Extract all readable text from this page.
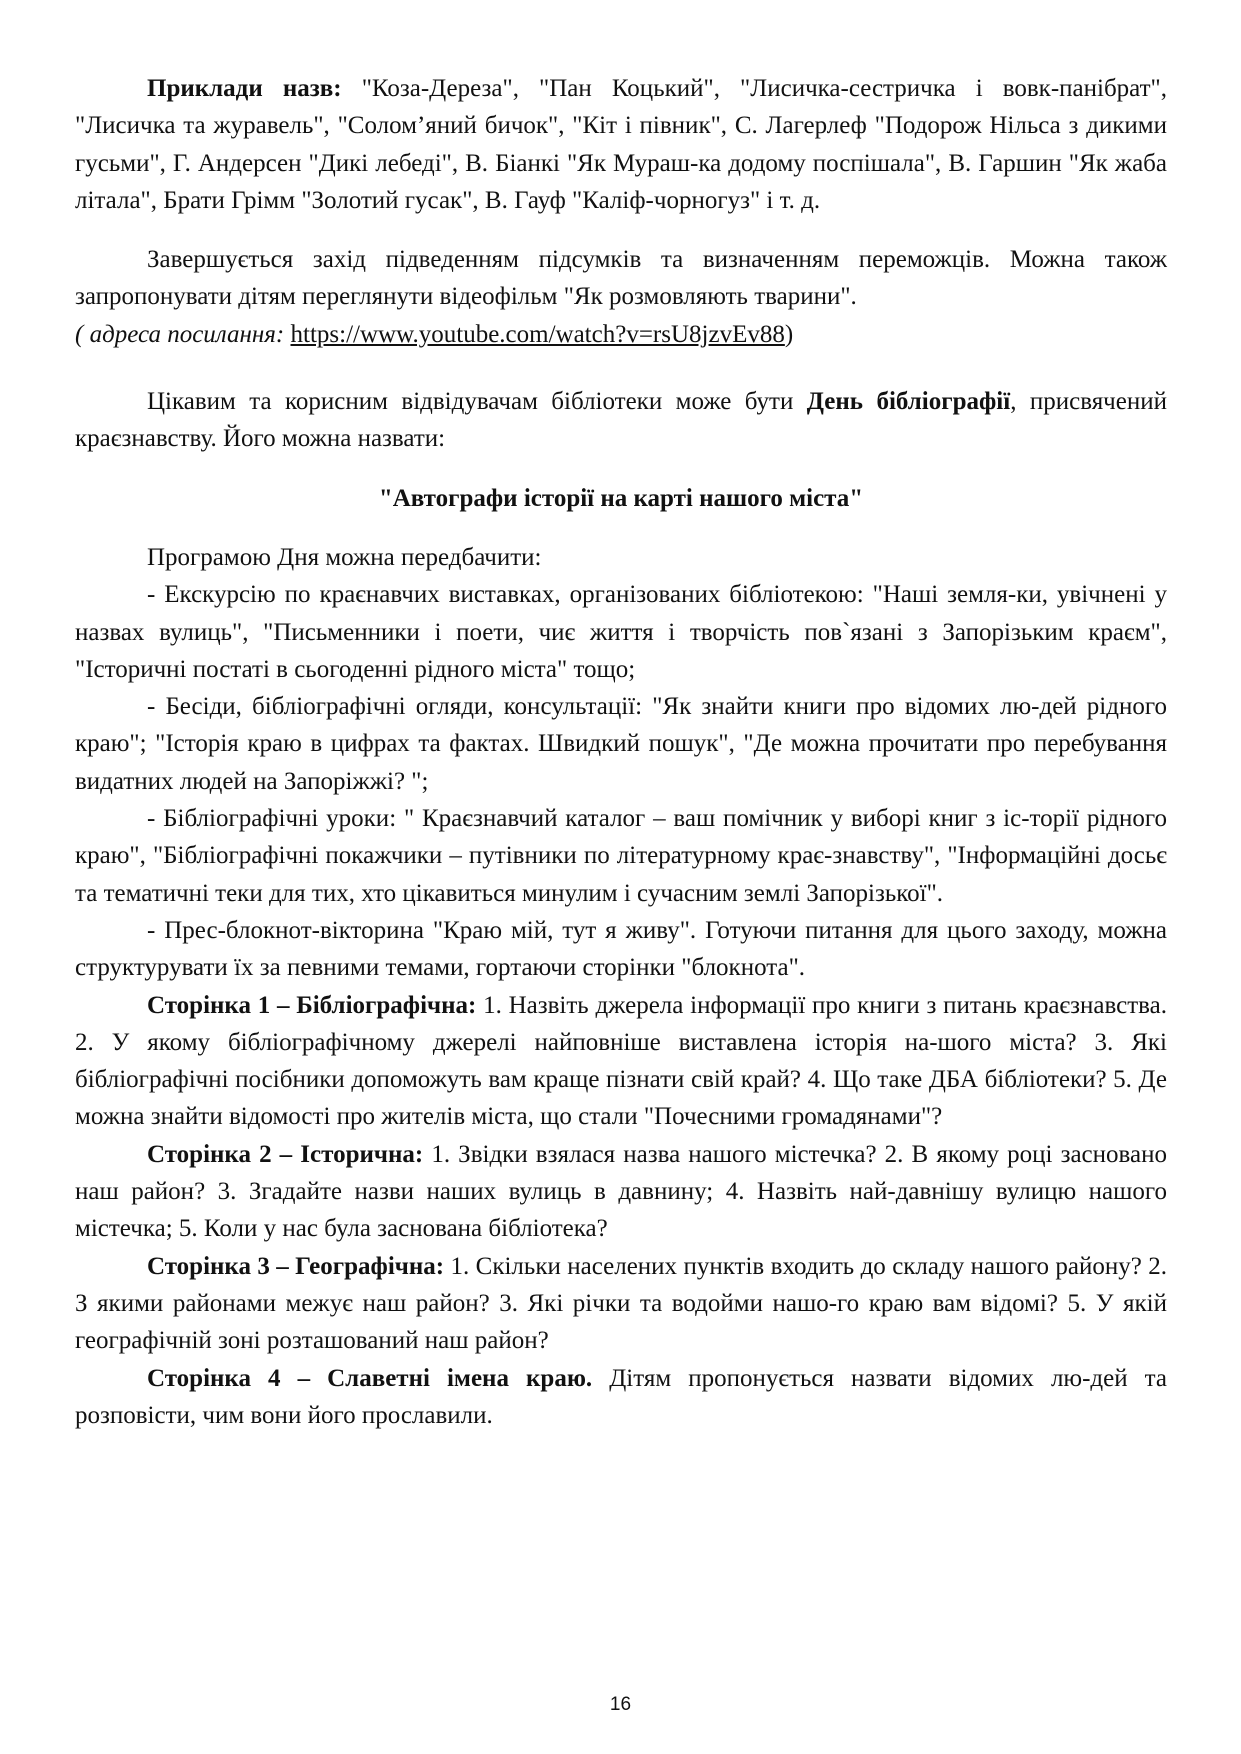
Приклади назв: "Коза-Дереза", "Пан Коцький", "Лисичка-сестричка і вовк-панібрат", "Лисичка та журавель", "Солом’яний бичок", "Кіт і півник", С. Лагерлеф "Подорож Нільса з дикими гусьми", Г. Андерсен "Дикі лебеді", В. Біанкі "Як Мураш-ка додому поспішала", В. Гаршин "Як жаба літала", Брати Грімм "Золотий гусак", В. Гауф "Каліф-чорногуз" і т. д.

Завершується захід підведенням підсумків та визначенням переможців. Можна також запропонувати дітям переглянути відеофільм "Як розмовляють тварини".

( адреса посилання: https://www.youtube.com/watch?v=rsU8jzvEv88)

Цікавим та корисним відвідувачам бібліотеки може бути День бібліографії, присвячений краєзнавству. Його можна назвати:

"Автографи історії на карті нашого міста"

Програмою Дня можна передбачити:

- Екскурсію по краєнавчих виставках, організованих бібліотекою: "Наші земля-ки, увічнені у назвах вулиць", "Письменники і поети, чиє життя і творчість пов`язані з Запорізьким краєм", "Історичні постаті в сьогоденні рідного міста" тощо;

- Бесіди, бібліографічні огляди, консультації: "Як знайти книги про відомих лю-дей рідного краю"; "Історія краю в цифрах та фактах. Швидкий пошук", "Де можна прочитати про перебування видатних людей на Запоріжжі? ";

- Бібліографічні уроки: " Краєзнавчий каталог – ваш помічник у виборі книг з іс-торії рідного краю", "Бібліографічні покажчики – путівники по літературному крає-знавству", "Інформаційні досьє та тематичні теки для тих, хто цікавиться минулим і сучасним землі Запорізької".

- Прес-блокнот-вікторина "Краю мій, тут я живу". Готуючи питання для цього заходу, можна структурувати їх за певними темами, гортаючи сторінки "блокнота".

Сторінка 1 – Бібліографічна: 1. Назвіть джерела інформації про книги з питань краєзнавства. 2. У якому бібліографічному джерелі найповніше виставлена історія на-шого міста? 3. Які бібліографічні посібники допоможуть вам краще пізнати свій край? 4. Що таке ДБА бібліотеки? 5. Де можна знайти відомості про жителів міста, що стали "Почесними громадянами"?

Сторінка 2 – Історична: 1. Звідки взялася назва нашого містечка? 2. В якому році засновано наш район? 3. Згадайте назви наших вулиць в давнину; 4. Назвіть най-давнішу вулицю нашого містечка; 5. Коли у нас була заснована бібліотека?

Сторінка 3 – Географічна: 1. Скільки населених пунктів входить до складу нашого району? 2. З якими районами межує наш район? 3. Які річки та водойми нашо-го краю вам відомі? 5. У якій географічній зоні розташований наш район?

Сторінка 4 – Славетні імена краю. Дітям пропонується назвати відомих лю-дей та розповісти, чим вони його прославили.

16
